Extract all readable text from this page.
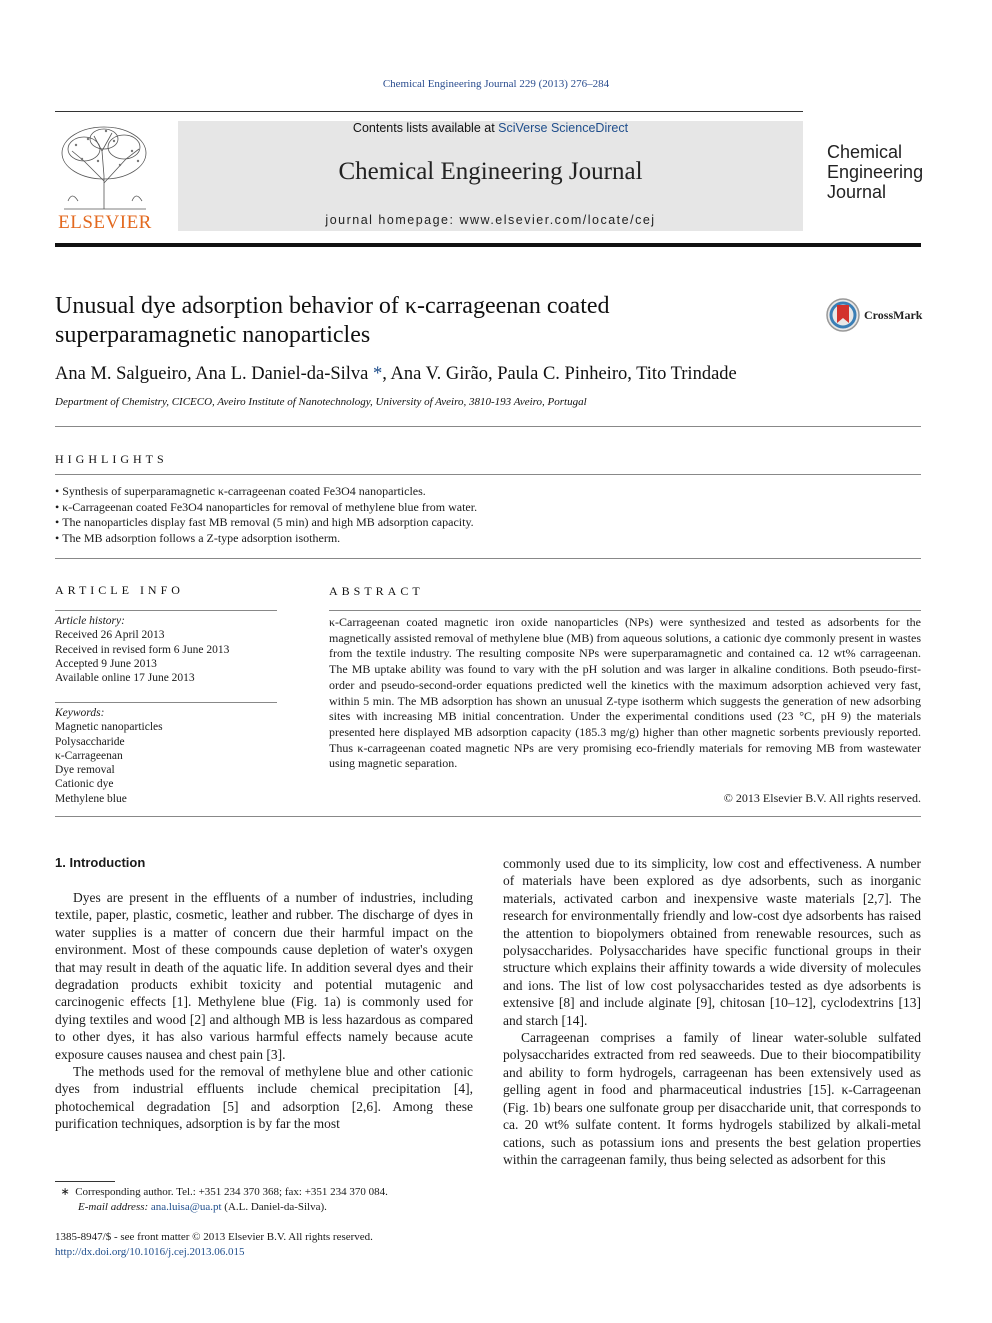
Chemical Engineering Journal 229 (2013) 276–284
ELSEVIER
Contents lists available at SciVerse ScienceDirect
Chemical Engineering Journal
journal homepage: www.elsevier.com/locate/cej
Chemical
Engineering
Journal
Unusual dye adsorption behavior of κ-carrageenan coated
superparamagnetic nanoparticles
CrossMark
Ana M. Salgueiro, Ana L. Daniel-da-Silva *, Ana V. Girão, Paula C. Pinheiro, Tito Trindade
Department of Chemistry, CICECO, Aveiro Institute of Nanotechnology, University of Aveiro, 3810-193 Aveiro, Portugal
HIGHLIGHTS
• Synthesis of superparamagnetic κ-carrageenan coated Fe3O4 nanoparticles.
• κ-Carrageenan coated Fe3O4 nanoparticles for removal of methylene blue from water.
• The nanoparticles display fast MB removal (5 min) and high MB adsorption capacity.
• The MB adsorption follows a Z-type adsorption isotherm.
ARTICLE INFO
Article history:
Received 26 April 2013
Received in revised form 6 June 2013
Accepted 9 June 2013
Available online 17 June 2013
Keywords:
Magnetic nanoparticles
Polysaccharide
κ-Carrageenan
Dye removal
Cationic dye
Methylene blue
ABSTRACT
κ-Carrageenan coated magnetic iron oxide nanoparticles (NPs) were synthesized and tested as adsorbents for the magnetically assisted removal of methylene blue (MB) from aqueous solutions, a cationic dye commonly present in wastes from the textile industry. The resulting composite NPs were superparamagnetic and contained ca. 12 wt% carrageenan. The MB uptake ability was found to vary with the pH solution and was larger in alkaline conditions. Both pseudo-first-order and pseudo-second-order equations predicted well the kinetics with the maximum adsorption achieved very fast, within 5 min. The MB adsorption has shown an unusual Z-type isotherm which suggests the generation of new adsorbing sites with increasing MB initial concentration. Under the experimental conditions used (23 °C, pH 9) the materials presented here displayed MB adsorption capacity (185.3 mg/g) higher than other magnetic sorbents previously reported. Thus κ-carrageenan coated magnetic NPs are very promising eco-friendly materials for removing MB from wastewater using magnetic separation.
© 2013 Elsevier B.V. All rights reserved.
1. Introduction

Dyes are present in the effluents of a number of industries, including textile, paper, plastic, cosmetic, leather and rubber. The discharge of dyes in water supplies is a matter of concern due their harmful impact on the environment. Most of these compounds cause depletion of water's oxygen that may result in death of the aquatic life. In addition several dyes and their degradation products exhibit toxicity and potential mutagenic and carcinogenic effects [1]. Methylene blue (Fig. 1a) is commonly used for dying textiles and wood [2] and although MB is less hazardous as compared to other dyes, it has also various harmful effects namely because acute exposure causes nausea and chest pain [3].

The methods used for the removal of methylene blue and other cationic dyes from industrial effluents include chemical precipitation [4], photochemical degradation [5] and adsorption [2,6]. Among these purification techniques, adsorption is by far the most

commonly used due to its simplicity, low cost and effectiveness. A number of materials have been explored as dye adsorbents, such as inorganic materials, activated carbon and inexpensive waste materials [2,7]. The research for environmentally friendly and low-cost dye adsorbents has raised the attention to biopolymers obtained from renewable resources, such as polysaccharides. Polysaccharides have specific functional groups in their structure which explains their affinity towards a wide diversity of molecules and ions. The list of low cost polysaccharides tested as dye adsorbents is extensive [8] and include alginate [9], chitosan [10–12], cyclodextrins [13] and starch [14].

Carrageenan comprises a family of linear water-soluble sulfated polysaccharides extracted from red seaweeds. Due to their biocompatibility and ability to form hydrogels, carrageenan has been extensively used as gelling agent in food and pharmaceutical industries [15]. κ-Carrageenan (Fig. 1b) bears one sulfonate group per disaccharide unit, that corresponds to ca. 20 wt% sulfate content. It forms hydrogels stabilized by alkali-metal cations, such as potassium ions and presents the best gelation properties within the carrageenan family, thus being selected as adsorbent for this

∗  Corresponding author. Tel.: +351 234 370 368; fax: +351 234 370 084.
E-mail address: ana.luisa@ua.pt (A.L. Daniel-da-Silva).
1385-8947/$ - see front matter © 2013 Elsevier B.V. All rights reserved.
http://dx.doi.org/10.1016/j.cej.2013.06.015
